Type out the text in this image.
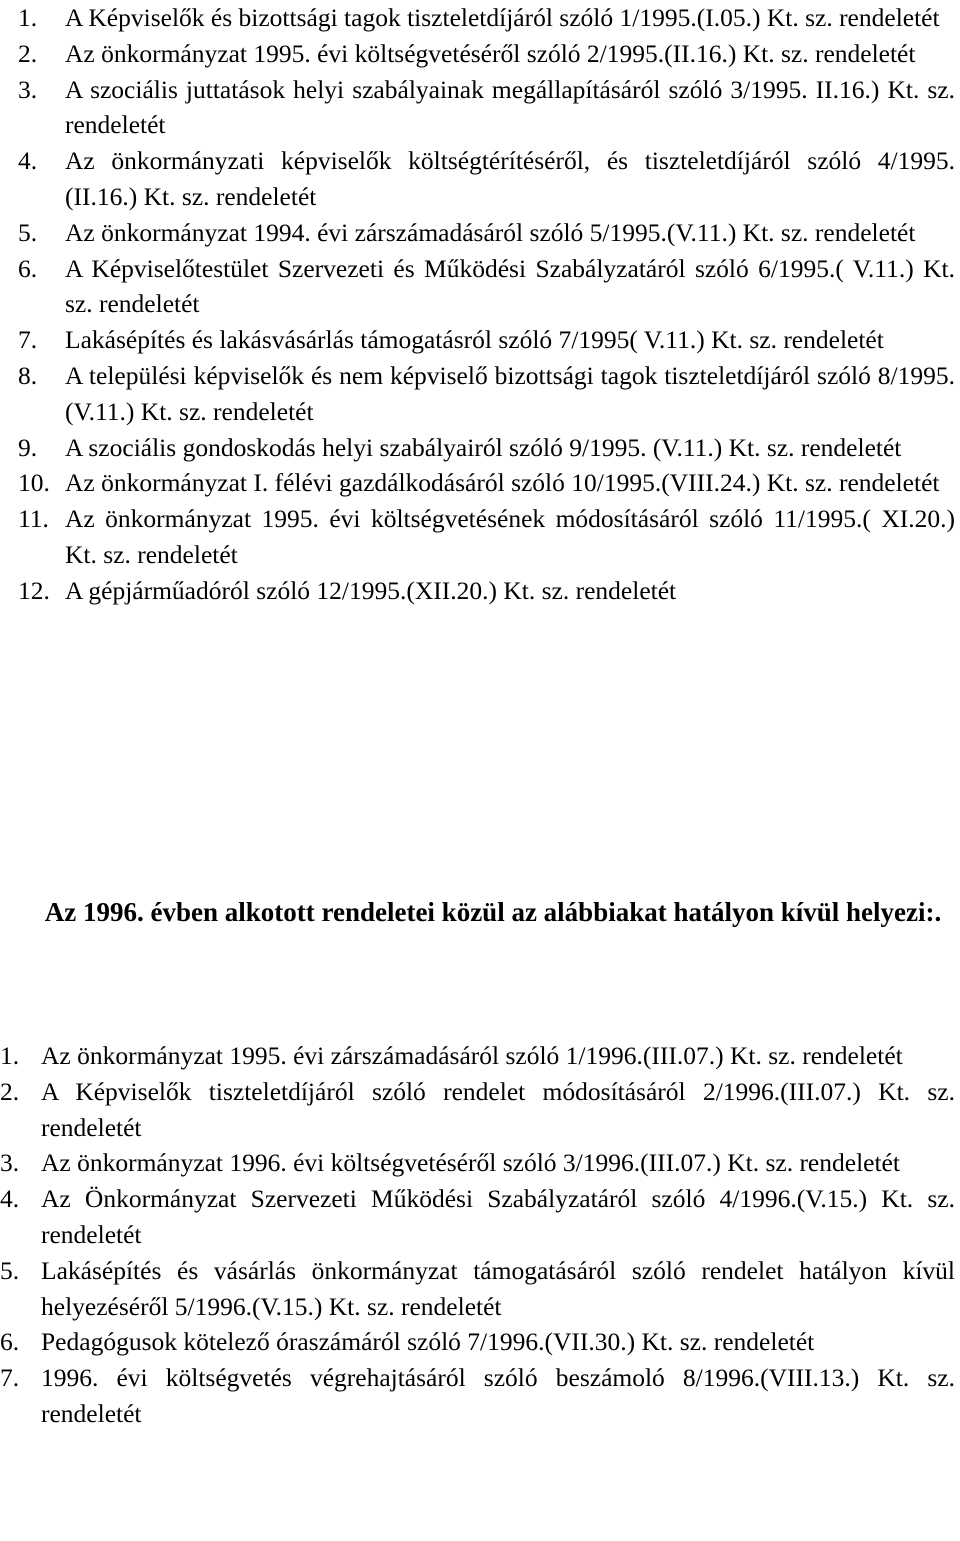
1.	A Képviselők és bizottsági tagok tiszteletdíjáról szóló 1/1995.(I.05.) Kt. sz. rendeletét
2.	Az önkormányzat 1995. évi költségvetéséről szóló 2/1995.(II.16.) Kt. sz. rendeletét
3.	A szociális juttatások helyi szabályainak megállapításáról szóló 3/1995. II.16.) Kt. sz. rendeletét
4.	Az önkormányzati képviselők költségtérítéséről, és tiszteletdíjáról szóló 4/1995. (II.16.) Kt. sz. rendeletét
5.	Az önkormányzat 1994. évi zárszámadásáról szóló 5/1995.(V.11.) Kt. sz. rendeletét
6.	A Képviselőtestület Szervezeti és Működési Szabályzatáról szóló 6/1995.( V.11.) Kt. sz. rendeletét
7.	Lakásépítés és lakásvásárlás támogatásról szóló 7/1995( V.11.) Kt. sz. rendeletét
8.	A települési képviselők és nem képviselő bizottsági tagok tiszteletdíjáról szóló 8/1995.(V.11.) Kt. sz. rendeletét
9.	A szociális gondoskodás helyi szabályairól szóló 9/1995. (V.11.) Kt. sz. rendeletét
10. Az önkormányzat I. félévi gazdálkodásáról szóló 10/1995.(VIII.24.) Kt. sz. rendeletét
11. Az önkormányzat 1995. évi költségvetésének módosításáról szóló 11/1995.( XI.20.) Kt. sz. rendeletét
12. A gépjárműadóról szóló 12/1995.(XII.20.) Kt. sz. rendeletét
Az 1996. évben alkotott rendeletei közül az alábbiakat hatályon kívül helyezi:.
1. Az önkormányzat 1995. évi zárszámadásáról szóló 1/1996.(III.07.) Kt. sz. rendeletét
2. A Képviselők tiszteletdíjáról szóló rendelet módosításáról 2/1996.(III.07.) Kt. sz. rendeletét
3. Az önkormányzat 1996. évi költségvetéséről szóló 3/1996.(III.07.) Kt. sz. rendeletét
4. Az Önkormányzat Szervezeti Működési Szabályzatáról szóló 4/1996.(V.15.) Kt. sz. rendeletét
5. Lakásépítés és vásárlás önkormányzat támogatásáról szóló rendelet hatályon kívül helyezéséről 5/1996.(V.15.) Kt. sz. rendeletét
6. Pedagógusok kötelező óraszámáról szóló 7/1996.(VII.30.) Kt. sz. rendeletét
7. 1996. évi költségvetés végrehajtásáról szóló beszámoló 8/1996.(VIII.13.) Kt. sz. rendeletét
